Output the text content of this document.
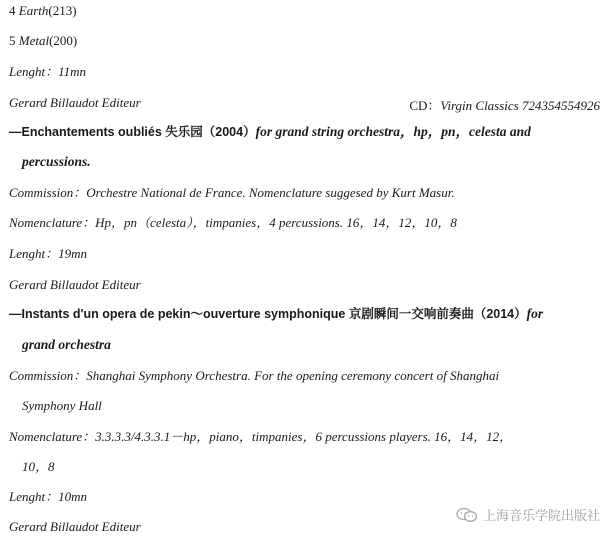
4 Earth(213)
5 Metal(200)
Lenght：11mn
Gerard Billaudot Editeur	CD：Virgin Classics 724354554926
—Enchantements oubliés 失乐园（2004）for grand string orchestra，hp，pn，celesta and
percussions.
Commission：Orchestre National de France. Nomenclature suggesed by Kurt Masur.
Nomenclature：Hp，pn（celesta），timpanies，4 percussions. 16，14，12，10，8
Lenght：19mn
Gerard Billaudot Editeur
—Instants d'un opera de pekin～ouverture symphonique 京剧瞬间一交响前奏曲（2014）for
grand orchestra
Commission：Shanghai Symphony Orchestra. For the opening ceremony concert of Shanghai
Symphony Hall
Nomenclature：3.3.3.3/4.3.3.1－hp，piano，timpanies，6 percussions players. 16，14，12，
10，8
Lenght：10mn
Gerard Billaudot Editeur
上海音乐学院出版社
